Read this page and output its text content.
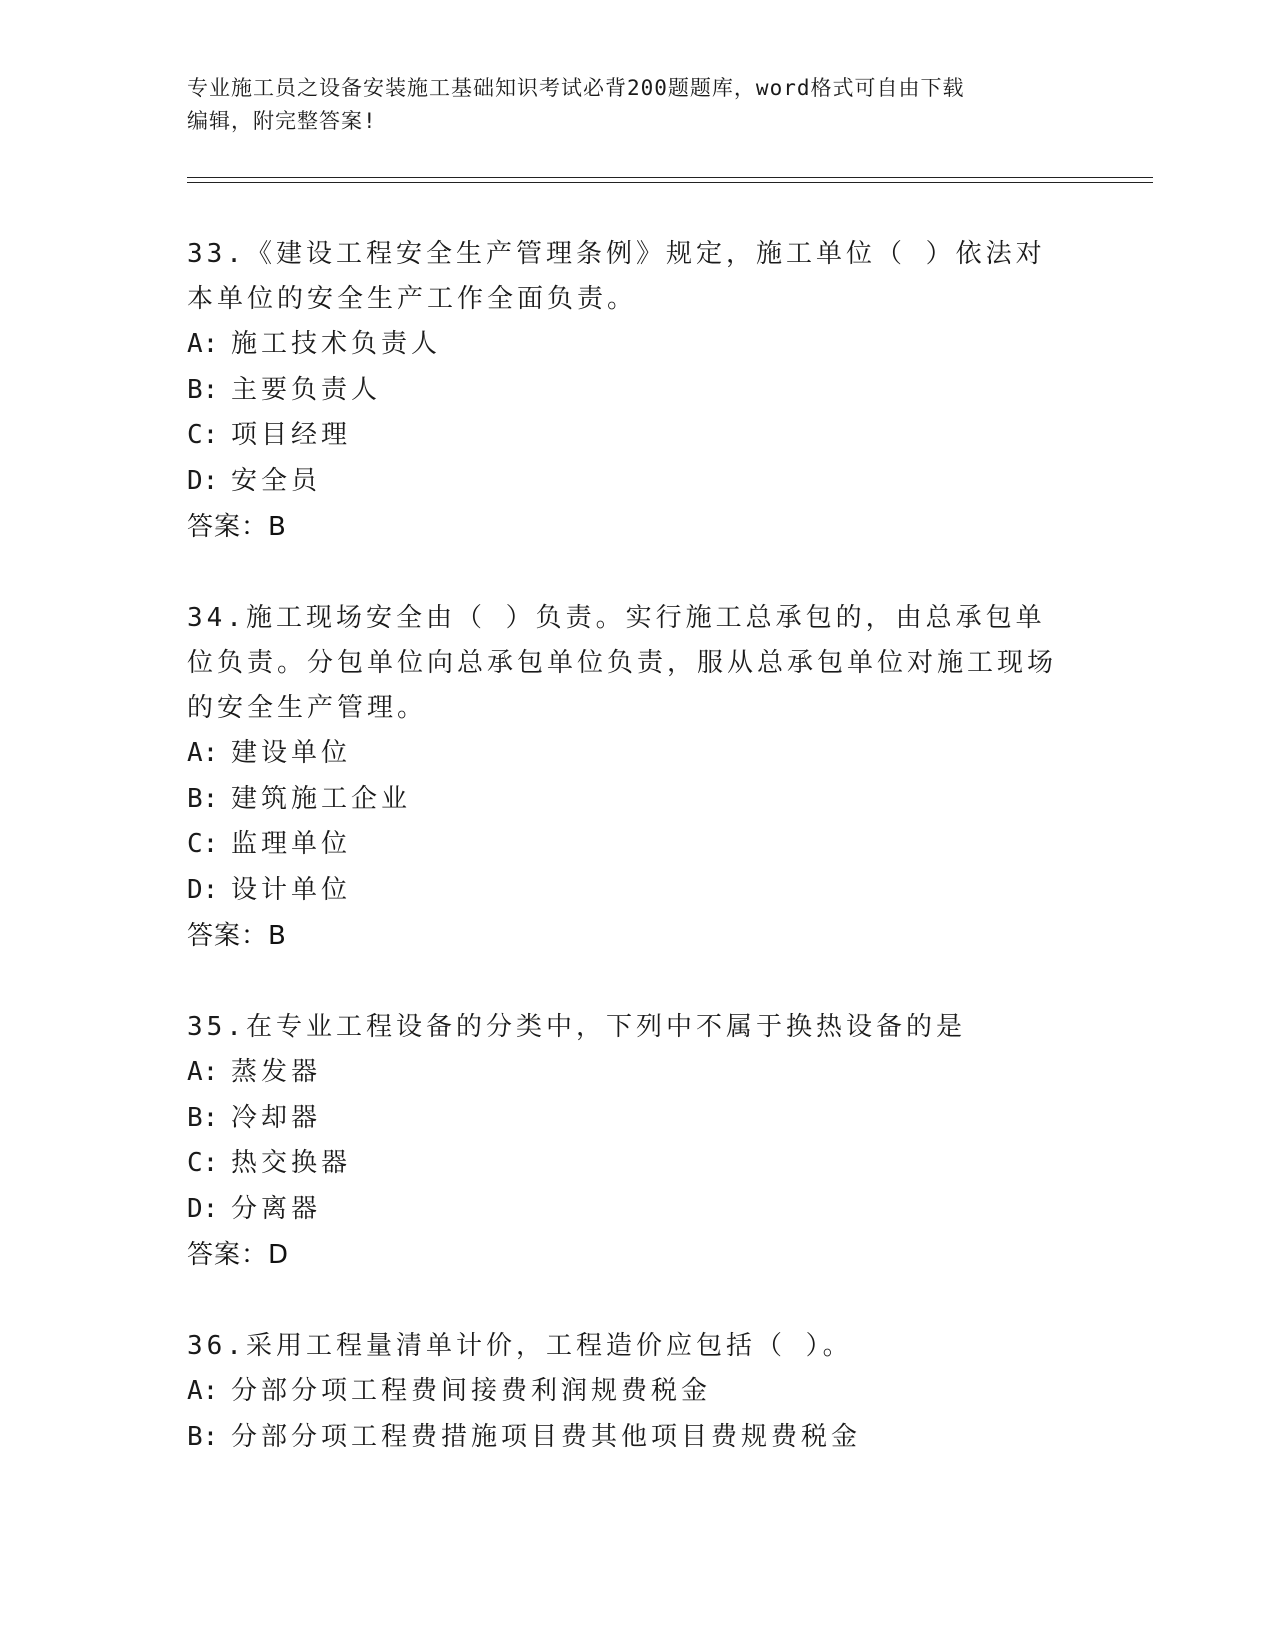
专业施工员之设备安装施工基础知识考试必背200题题库，word格式可自由下载
编辑，附完整答案!
33.《建设工程安全生产管理条例》规定，施工单位（ ）依法对本单位的安全生产工作全面负责。
A: 施工技术负责人
B: 主要负责人
C: 项目经理
D: 安全员
答案：B
34.施工现场安全由（ ）负责。实行施工总承包的，由总承包单位负责。分包单位向总承包单位负责，服从总承包单位对施工现场的安全生产管理。
A: 建设单位
B: 建筑施工企业
C: 监理单位
D: 设计单位
答案：B
35.在专业工程设备的分类中，下列中不属于换热设备的是
A: 蒸发器
B: 冷却器
C: 热交换器
D: 分离器
答案：D
36.采用工程量清单计价，工程造价应包括（ ）。
A: 分部分项工程费间接费利润规费税金
B: 分部分项工程费措施项目费其他项目费规费税金
